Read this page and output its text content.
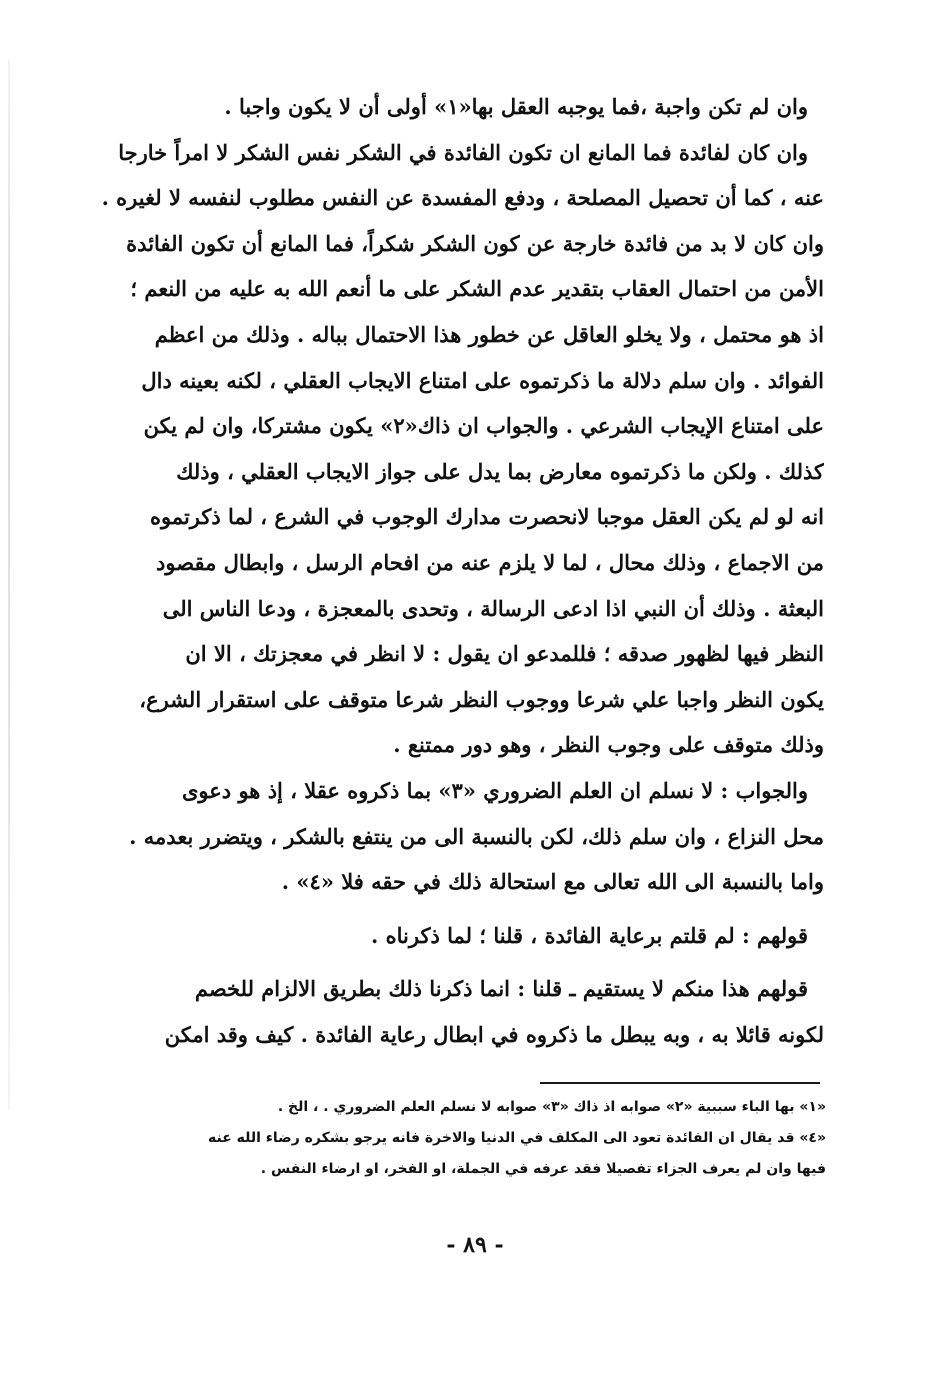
وان لم تكن واجبة ،فما يوجبه العقل بها«١» أولى أن لا يكون واجبا .
وان كان لفائدة فما المانع ان تكون الفائدة في الشكر نفس الشكر لا امراً خارجا
عنه ، كما أن تحصيل المصلحة ، ودفع المفسدة عن النفس مطلوب لنفسه لا لغيره .
وان كان لا بد من فائدة خارجة عن كون الشكر شكراً، فما المانع أن تكون الفائدة
الأمن من احتمال العقاب بتقدير عدم الشكر على ما أنعم الله به عليه من النعم ؛
اذ هو محتمل ، ولا يخلو العاقل عن خطور هذا الاحتمال بباله . وذلك من اعظم
الفوائد . وان سلم دلالة ما ذكرتموه على امتناع الايجاب العقلي ، لكنه بعينه دال
على امتناع الإيجاب الشرعي . والجواب ان ذاك«٢» يكون مشتركا، وان لم يكن
كذلك . ولكن ما ذكرتموه معارض بما يدل على جواز الايجاب العقلي ، وذلك
انه لو لم يكن العقل موجبا لانحصرت مدارك الوجوب في الشرع ، لما ذكرتموه
من الاجماع ، وذلك محال ، لما لا يلزم عنه من افحام الرسل ، وابطال مقصود
البعثة . وذلك أن النبي اذا ادعى الرسالة ، وتحدى بالمعجزة ، ودعا الناس الى
النظر فيها لظهور صدقه ؛ فللمدعو ان يقول : لا انظر في معجزتك ، الا ان
يكون النظر واجبا علي شرعا ووجوب النظر شرعا متوقف على استقرار الشرع،
وذلك متوقف على وجوب النظر ، وهو دور ممتنع .
والجواب : لا نسلم ان العلم الضروري «٣» بما ذكروه عقلا ، إذ هو دعوى
محل النزاع ، وان سلم ذلك، لكن بالنسبة الى من ينتفع بالشكر ، ويتضرر بعدمه .
واما بالنسبة الى الله تعالى مع استحالة ذلك في حقه فلا «٤» .
قولهم : لم قلتم برعاية الفائدة ، قلنا ؛ لما ذكرناه .
قولهم هذا منكم لا يستقيم ـ قلنا : انما ذكرنا ذلك بطريق الالزام للخصم
لكونه قائلا به ، وبه يبطل ما ذكروه في ابطال رعاية الفائدة . كيف وقد امكن
«١» بها الباء سببية «٢» صوابه اذ ذاك «٣» صوابه لا نسلم العلم الضروري . ، الخ .
«٤» قد يقال ان الفائدة تعود الى المكلف في الدنيا والاخرة فانه يرجو بشكره رضاء الله عنه
فيها وان لم يعرف الجزاء تفصيلا فقد عرفه في الجملة، او الفخر، او ارضاء النفس .
- ٨٩ -
